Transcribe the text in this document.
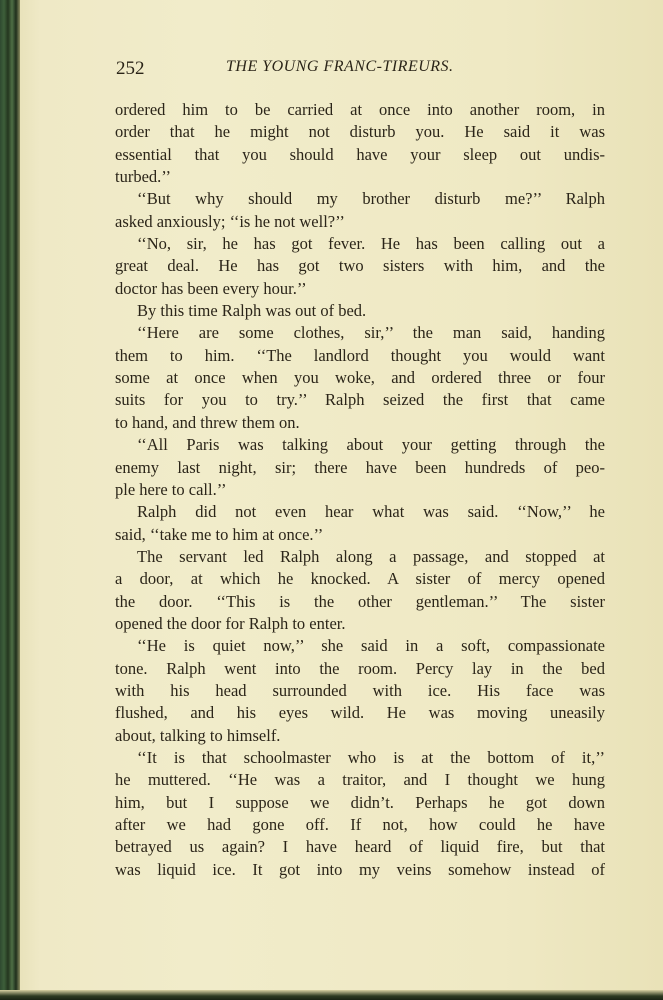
252	THE YOUNG FRANC-TIREURS.
ordered him to be carried at once into another room, in
order that he might not disturb you. He said it was
essential that you should have your sleep out undis-
turbed.’’
‘‘But why should my brother disturb me?’’ Ralph
asked anxiously; ‘‘is he not well?’’
‘‘No, sir, he has got fever. He has been calling out a
great deal. He has got two sisters with him, and the
doctor has been every hour.’’
By this time Ralph was out of bed.
‘‘Here are some clothes, sir,’’ the man said, handing
them to him. ‘‘The landlord thought you would want
some at once when you woke, and ordered three or four
suits for you to try.’’ Ralph seized the first that came
to hand, and threw them on.
‘‘All Paris was talking about your getting through the
enemy last night, sir; there have been hundreds of peo-
ple here to call.’’
Ralph did not even hear what was said. ‘‘Now,’’ he
said, ‘‘take me to him at once.’’
The servant led Ralph along a passage, and stopped at
a door, at which he knocked. A sister of mercy opened
the door. ‘‘This is the other gentleman.’’ The sister
opened the door for Ralph to enter.
‘‘He is quiet now,’’ she said in a soft, compassionate
tone. Ralph went into the room. Percy lay in the bed
with his head surrounded with ice. His face was
flushed, and his eyes wild. He was moving uneasily
about, talking to himself.
‘‘It is that schoolmaster who is at the bottom of it,’’
he muttered. ‘‘He was a traitor, and I thought we hung
him, but I suppose we didn’t. Perhaps he got down
after we had gone off. If not, how could he have
betrayed us again? I have heard of liquid fire, but that
was liquid ice. It got into my veins somehow instead of
